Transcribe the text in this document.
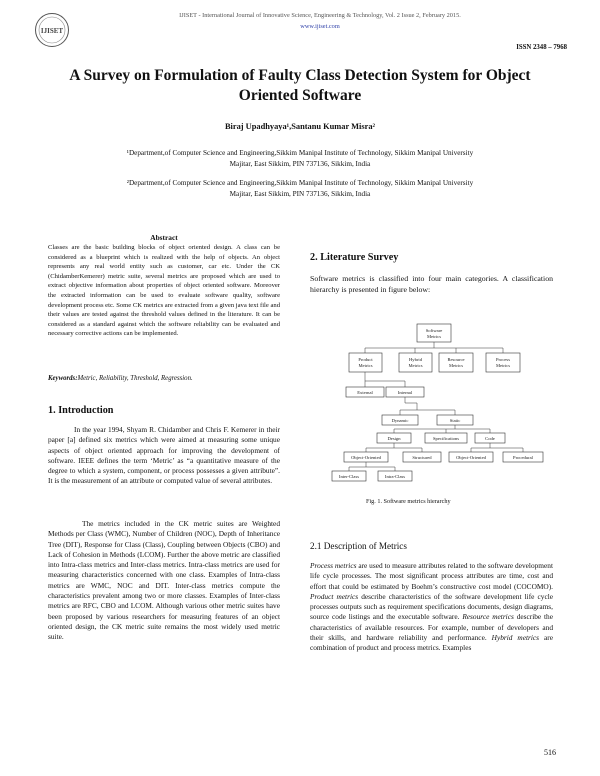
IJISET
IJISET - International Journal of Innovative Science, Engineering & Technology, Vol. 2 Issue 2, February 2015.
www.ijiset.com
ISSN 2348 – 7968
A Survey on Formulation of Faulty Class Detection System for Object
Oriented Software
Biraj Upadhyaya¹,Santanu Kumar Misra²
¹Department,of Computer Science and Engineering,Sikkim Manipal Institute of Technology, Sikkim Manipal University
Majitar, East Sikkim, PIN 737136, Sikkim, India
²Department,of Computer Science and Engineering,Sikkim Manipal Institute of Technology, Sikkim Manipal University
Majitar, East Sikkim, PIN 737136, Sikkim, India
Abstract
Classes are the basic building blocks of object oriented design. A class can be considered as a blueprint which is realized with the help of objects. An object represents any real world entity such as customer, car etc. Under the CK (ChidamberKemerer) metric suite, several metrics are proposed which are used to extract objective information about properties of object oriented software. Moreover the extracted information can be used to evaluate software quality, software development process etc. Some CK metrics are extracted from a given java text file and their values are tested against the threshold values defined in the literature. It can be considered as a standard against which the software reliability can be evaluated and necessary corrective actions can be implemented.
Keywords:Metric, Reliability, Threshold, Regression.
1. Introduction
In the year 1994, Shyam R. Chidamber and Chris F. Kemerer in their paper [a] defined six metrics which were aimed at measuring some unique aspects of object oriented approach for improving the development of software. IEEE defines the term ‘Metric’ as “a quantitative measure of the degree to which a system, component, or process possesses a given attribute”. It is the measurement of an attribute or computed value of several attributes.
The metrics included in the CK metric suites are Weighted Methods per Class (WMC), Number of Children (NOC), Depth of Inheritance Tree (DIT), Response for Class (Class), Coupling between Objects (CBO) and Lack of Cohesion in Methods (LCOM). Further the above metric are classified into Intra-class metrics and Inter-class metrics. Intra-class metrics are used for measuring characteristics concerned with one class. Examples of Intra-class metrics are WMC, NOC and DIT. Inter-class metrics compute the characteristics prevalent among two or more classes. Examples of Inter-class metrics are RFC, CBO and LCOM. Although various other metric suites have been proposed by various researchers for measuring features of an object oriented design, the CK metric suite remains the most widely used metric suite.
2. Literature Survey
Software metrics is classified into four main categories. A classification hierarchy is presented in figure below:
Software
Metrics
Product
Metrics
Hybrid
Metrics
Resource
Metrics
Process
Metrics
External	Internal
Dynamic	Static
Design	Specifications	Code
Object-Oriented	Structured	Object-Oriented	Procedural
Inter-Class	Intra-Class
Fig. 1. Software metrics hierarchy
2.1 Description of Metrics
Process metrics are used to measure attributes related to the software development life cycle processes. The most significant process attributes are time, cost and effort that could be estimated by Boehm’s constructive cost model (COCOMO). Product metrics describe characteristics of the software development life cycle processes outputs such as requirement specifications documents, design diagrams, source code listings and the executable software. Resource metrics describe the characteristics of available resources. For example, number of developers and their skills, and hardware reliability and performance. Hybrid metrics are combination of product and process metrics. Examples
516
